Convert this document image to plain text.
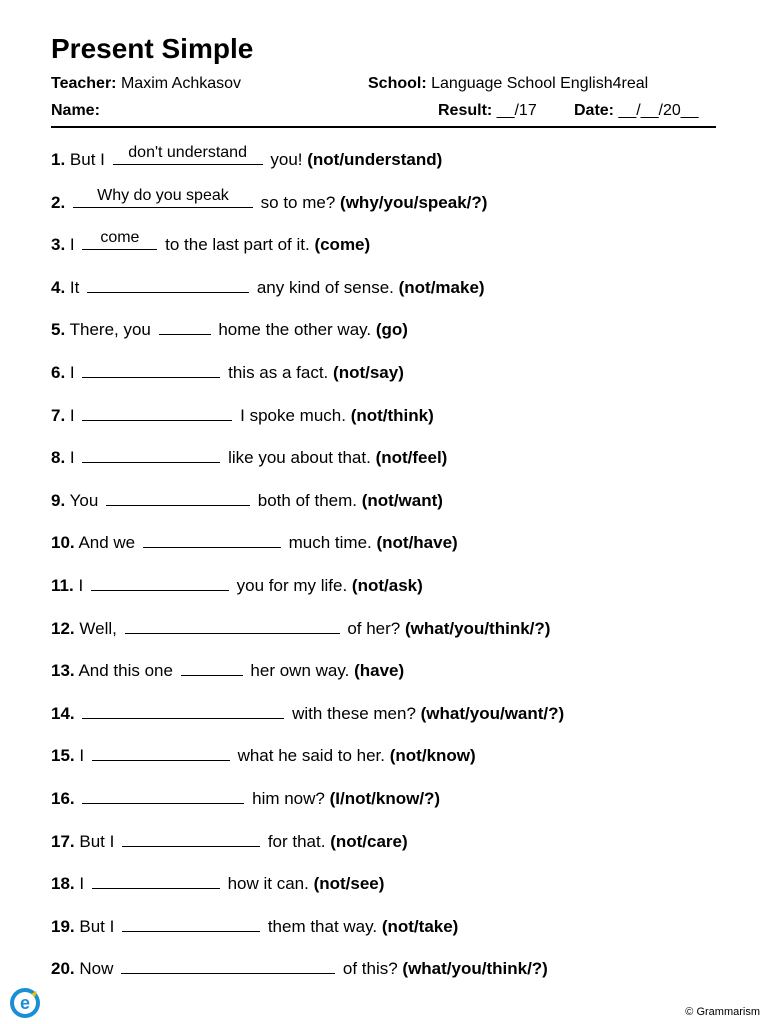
Present Simple
Teacher: Maxim Achkasov	School: Language School English4real
Name:	Result: __/17 Date: __/__/20__
1. But I	don't understand	you! (not/understand)
2.	Why do you speak	so to me? (why/you/speak/?)
3. I	come	to the last part of it. (come)
4. It	any kind of sense. (not/make)
5. There, you	home the other way. (go)
6. I	this as a fact. (not/say)
7. I	I spoke much. (not/think)
8. I	like you about that. (not/feel)
9. You	both of them. (not/want)
10. And we	much time. (not/have)
11. I	you for my life. (not/ask)
12. Well,	of her? (what/you/think/?)
13. And this one	her own way. (have)
14.	with these men? (what/you/want/?)
15. I	what he said to her. (not/know)
16.	him now? (I/not/know/?)
17. But I	for that. (not/care)
18. I	how it can. (not/see)
19. But I	them that way. (not/take)
20. Now	of this? (what/you/think/?)
e	© Grammarism
